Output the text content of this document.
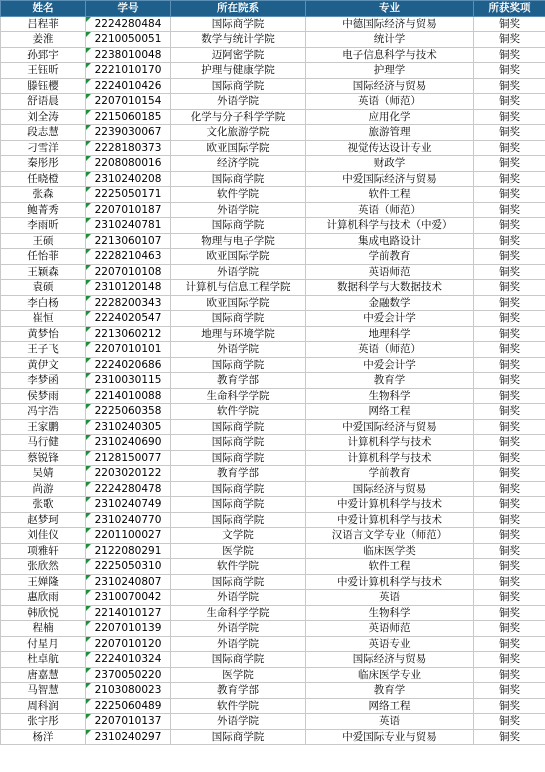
姓名	学号	所在院系	专业	所获奖项
吕程菲	2224280484	国际商学院	中德国际经济与贸易	铜奖
姜淮	2210050051	数学与统计学院	统计学	铜奖
孙郅宇	2238010048	迈阿密学院	电子信息科学与技术	铜奖
王钰昕	2221010170	护理与健康学院	护理学	铜奖
滕钰樱	2224010426	国际商学院	国际经济与贸易	铜奖
舒语晨	2207010154	外语学院	英语（师范）	铜奖
刘全涛	2215060185	化学与分子科学学院	应用化学	铜奖
段志慧	2239030067	文化旅游学院	旅游管理	铜奖
刁雪洋	2228180373	欧亚国际学院	视觉传达设计专业	铜奖
秦彤彤	2208080016	经济学院	财政学	铜奖
任晓橙	2310240208	国际商学院	中爱国际经济与贸易	铜奖
张森	2225050171	软件学院	软件工程	铜奖
鲍菁秀	2207010187	外语学院	英语（师范）	铜奖
李雨昕	2310240781	国际商学院	计算机科学与技术（中爱）	铜奖
王硕	2213060107	物理与电子学院	集成电路设计	铜奖
任怡菲	2228210463	欧亚国际学院	学前教育	铜奖
王颖森	2207010108	外语学院	英语师范	铜奖
袁硕	2310120148	计算机与信息工程学院	数据科学与大数据技术	铜奖
李白杨	2228200343	欧亚国际学院	金融数学	铜奖
崔恒	2224020547	国际商学院	中爱会计学	铜奖
黄梦怡	2213060212	地理与环境学院	地理科学	铜奖
王子飞	2207010101	外语学院	英语（师范）	铜奖
黄伊文	2224020686	国际商学院	中爱会计学	铜奖
李梦函	2310030115	教育学部	教育学	铜奖
侯梦雨	2214010088	生命科学学院	生物科学	铜奖
冯宇浩	2225060358	软件学院	网络工程	铜奖
王家鹏	2310240305	国际商学院	中爱国际经济与贸易	铜奖
马行健	2310240690	国际商学院	计算机科学与技术	铜奖
蔡锐锋	2128150077	国际商学院	计算机科学与技术	铜奖
吴婧	2203020122	教育学部	学前教育	铜奖
尚游	2224280478	国际商学院	国际经济与贸易	铜奖
张歌	2310240749	国际商学院	中爱计算机科学与技术	铜奖
赵梦珂	2310240770	国际商学院	中爱计算机科学与技术	铜奖
刘佳仪	2201100027	文学院	汉语言文学专业（师范）	铜奖
项雅轩	2122080291	医学院	临床医学类	铜奖
张欣然	2225050310	软件学院	软件工程	铜奖
王婵隆	2310240807	国际商学院	中爱计算机科学与技术	铜奖
惠欣雨	2310070042	外语学院	英语	铜奖
韩欣悦	2214010127	生命科学学院	生物科学	铜奖
程楠	2207010139	外语学院	英语师范	铜奖
付星月	2207010120	外语学院	英语专业	铜奖
杜卓航	2224010324	国际商学院	国际经济与贸易	铜奖
唐嘉慧	2370050220	医学院	临床医学专业	铜奖
马智慧	2103080023	教育学部	教育学	铜奖
周科润	2225060489	软件学院	网络工程	铜奖
张宇彤	2207010137	外语学院	英语	铜奖
杨洋	2310240297	国际商学院	中爱国际专业与贸易	铜奖
